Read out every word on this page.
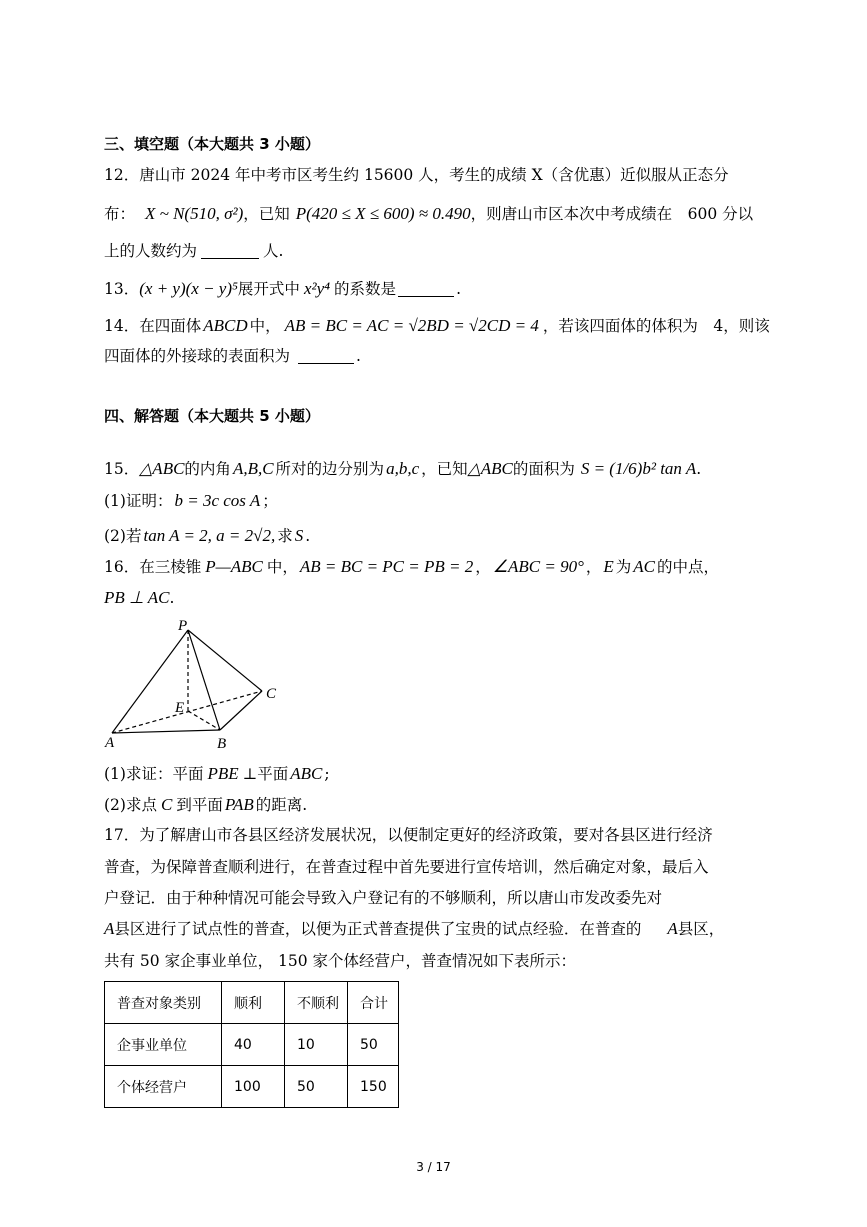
三、填空题（本大题共 3 小题）
12．唐山市 2024 年中考市区考生约 15600 人，考生的成绩 X（含优惠）近似服从正态分
布： X ~ N(510, σ²)，已知 P(420 ≤ X ≤ 600) ≈ 0.490，则唐山市区本次中考成绩在　600 分以
上的人数约为	人.
13．(x + y)(x − y)⁵展开式中 x²y⁴ 的系数是	.
14．在四面体 ABCD 中， AB = BC = AC = √2BD = √2CD = 4 ，若该四面体的体积为　4，则该
四面体的外接球的表面积为	.
四、解答题（本大题共 5 小题）
15．△ABC的内角 A,B,C 所对的边分别为 a,b,c ，已知△ABC的面积为 S = (1/6)b² tan A.
(1)证明： b = 3c cos A ；
(2)若 tan A = 2, a = 2√2, 求 S .
16．在三棱锥 P—ABC 中， AB = BC = PC = PB = 2 ， ∠ABC = 90° ， E 为 AC 的中点，
PB ⊥ AC.
P
C
E
A	B
(1)求证：平面 PBE ⊥平面 ABC ;
(2)求点 C 到平面 PAB 的距离.
17．为了解唐山市各县区经济发展状况，以便制定更好的经济政策，要对各县区进行经济
普查，为保障普查顺利进行，在普查过程中首先要进行宣传培训，然后确定对象，最后入
户登记．由于种种情况可能会导致入户登记有的不够顺利，所以唐山市发改委先对
A县区进行了试点性的普查，以便为正式普查提供了宝贵的试点经验．在普查的 A县区，
共有 50 家企事业单位， 150 家个体经营户，普查情况如下表所示：
普查对象类别	顺利	不顺利	合计
企事业单位	40	10	50
个体经营户	100	50	150
3 / 17
